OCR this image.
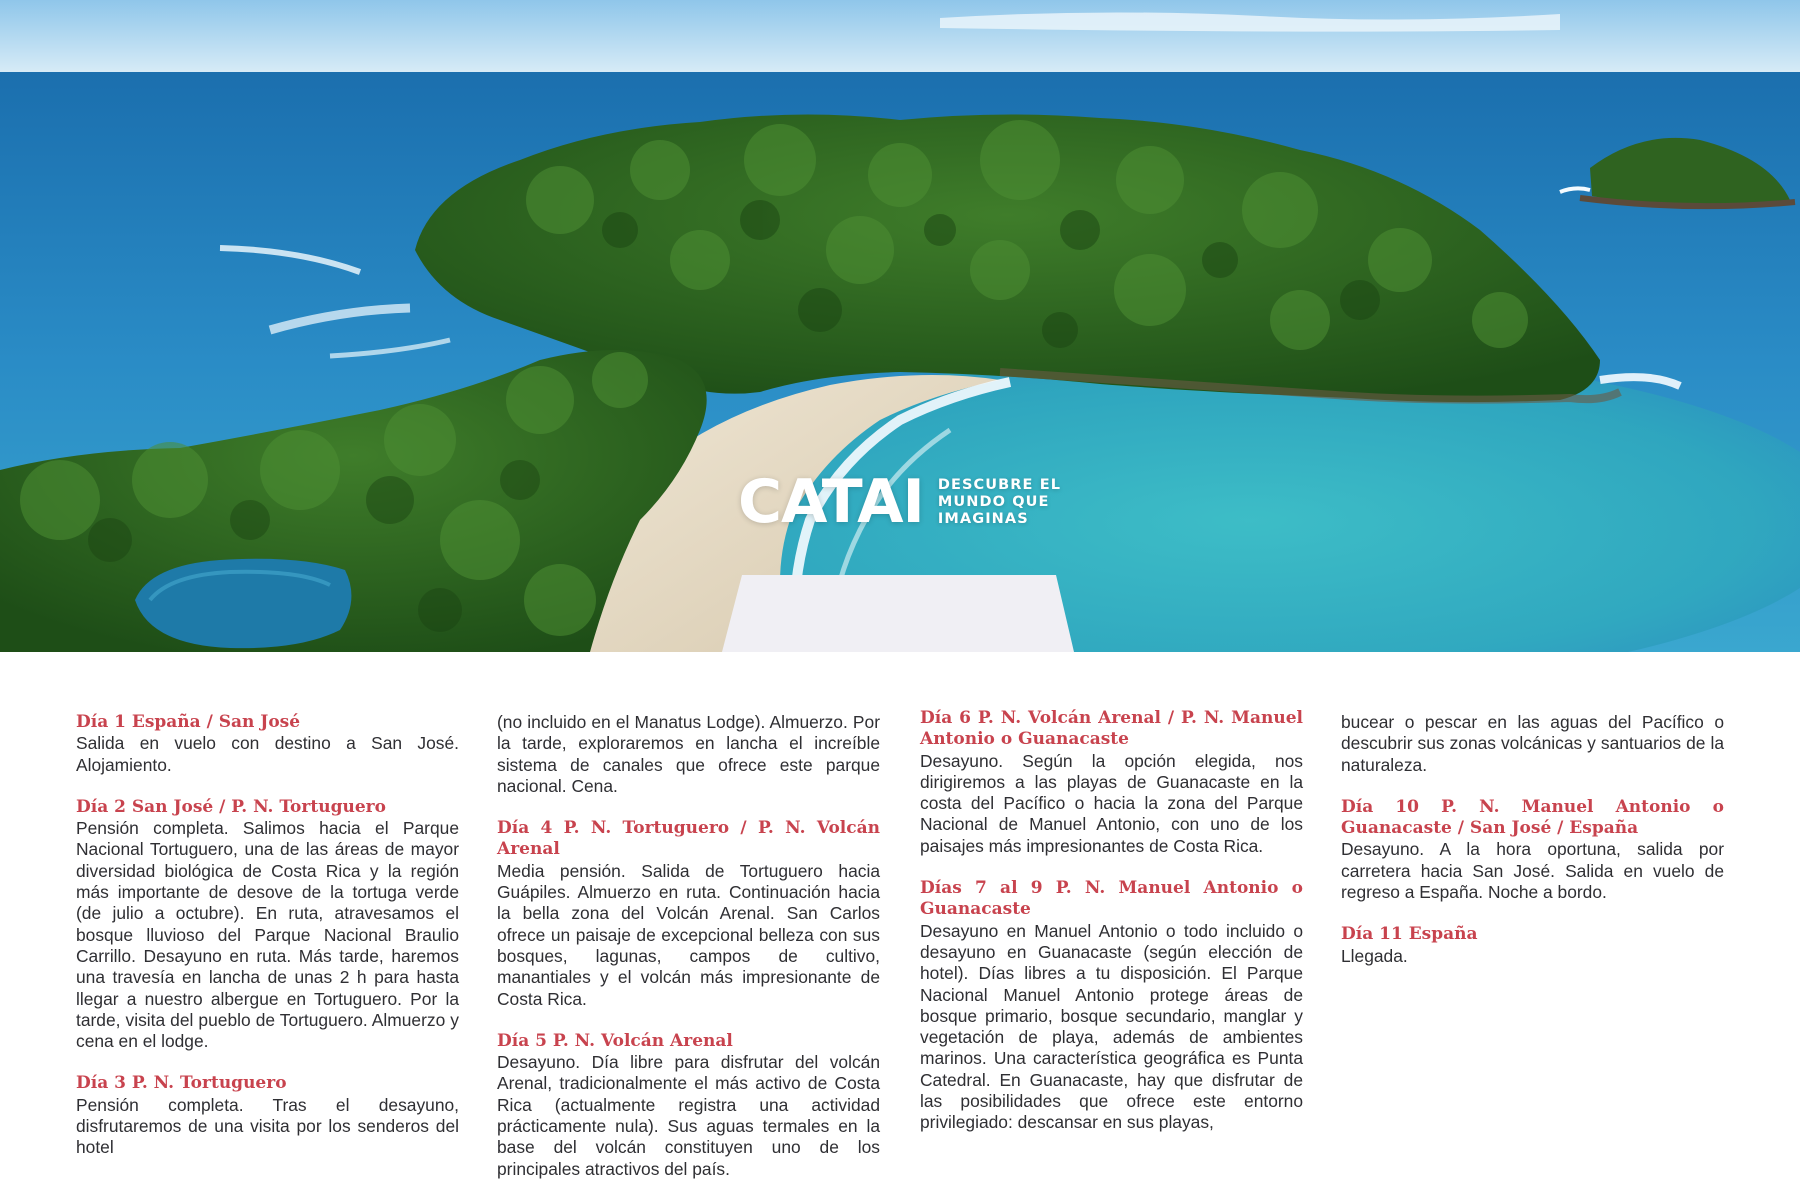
CATAI DESCUBRE EL
MUNDO QUE
IMAGINAS
Día 1 España / San José

Salida en vuelo con destino a San José. Alojamiento.

Día 2 San José / P. N. Tortuguero

Pensión completa. Salimos hacia el Parque Nacional Tortuguero, una de las áreas de mayor diversidad biológica de Costa Rica y la región más importante de desove de la tortuga verde (de julio a octubre). En ruta, atravesamos el bosque lluvioso del Parque Nacional Braulio Carrillo. Desayuno en ruta. Más tarde, haremos una travesía en lancha de unas 2 h para hasta llegar a nuestro albergue en Tortuguero. Por la tarde, visita del pueblo de Tortuguero. Almuerzo y cena en el lodge.

Día 3 P. N. Tortuguero

Pensión completa. Tras el desayuno, disfrutaremos de una visita por los senderos del hotel

(no incluido en el Manatus Lodge). Almuerzo. Por la tarde, exploraremos en lancha el increíble sistema de canales que ofrece este parque nacional. Cena.

Día 4 P. N. Tortuguero / P. N. Volcán Arenal

Media pensión. Salida de Tortuguero hacia Guápiles. Almuerzo en ruta. Continuación hacia la bella zona del Volcán Arenal. San Carlos ofrece un paisaje de excepcional belleza con sus bosques, lagunas, campos de cultivo, manantiales y el volcán más impresionante de Costa Rica.

Día 5 P. N. Volcán Arenal

Desayuno. Día libre para disfrutar del volcán Arenal, tradicionalmente el más activo de Costa Rica (actualmente registra una actividad prácticamente nula). Sus aguas termales en la base del volcán constituyen uno de los principales atractivos del país.

Día 6 P. N. Volcán Arenal / P. N. Manuel Antonio o Guanacaste

Desayuno. Según la opción elegida, nos dirigiremos a las playas de Guanacaste en la costa del Pacífico o hacia la zona del Parque Nacional de Manuel Antonio, con uno de los paisajes más impresionantes de Costa Rica.

Días 7 al 9 P. N. Manuel Antonio o Guanacaste

Desayuno en Manuel Antonio o todo incluido o desayuno en Guanacaste (según elección de hotel). Días libres a tu disposición. El Parque Nacional Manuel Antonio protege áreas de bosque primario, bosque secundario, manglar y vegetación de playa, además de ambientes marinos. Una característica geográfica es Punta Catedral. En Guanacaste, hay que disfrutar de las posibilidades que ofrece este entorno privilegiado: descansar en sus playas,

bucear o pescar en las aguas del Pacífico o descubrir sus zonas volcánicas y santuarios de la naturaleza.

Día 10 P. N. Manuel Antonio o Guanacaste / San José / España

Desayuno. A la hora oportuna, salida por carretera hacia San José. Salida en vuelo de regreso a España. Noche a bordo.

Día 11 España

Llegada.
